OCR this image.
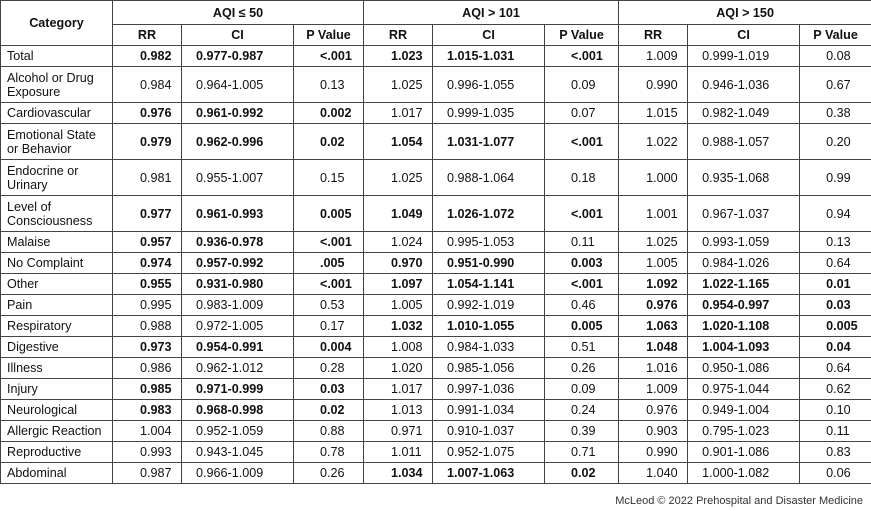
Category	AQI ≤ 50			AQI > 101			AQI > 150		
	RR	CI	P Value	RR	CI	P Value	RR	CI	P Value
Total	0.982	0.977-0.987	<.001	1.023	1.015-1.031	<.001	1.009	0.999-1.019	0.08
Alcohol or Drug Exposure	0.984	0.964-1.005	0.13	1.025	0.996-1.055	0.09	0.990	0.946-1.036	0.67
Cardiovascular	0.976	0.961-0.992	0.002	1.017	0.999-1.035	0.07	1.015	0.982-1.049	0.38
Emotional State or Behavior	0.979	0.962-0.996	0.02	1.054	1.031-1.077	<.001	1.022	0.988-1.057	0.20
Endocrine or Urinary	0.981	0.955-1.007	0.15	1.025	0.988-1.064	0.18	1.000	0.935-1.068	0.99
Level of Consciousness	0.977	0.961-0.993	0.005	1.049	1.026-1.072	<.001	1.001	0.967-1.037	0.94
Malaise	0.957	0.936-0.978	<.001	1.024	0.995-1.053	0.11	1.025	0.993-1.059	0.13
No Complaint	0.974	0.957-0.992	.005	0.970	0.951-0.990	0.003	1.005	0.984-1.026	0.64
Other	0.955	0.931-0.980	<.001	1.097	1.054-1.141	<.001	1.092	1.022-1.165	0.01
Pain	0.995	0.983-1.009	0.53	1.005	0.992-1.019	0.46	0.976	0.954-0.997	0.03
Respiratory	0.988	0.972-1.005	0.17	1.032	1.010-1.055	0.005	1.063	1.020-1.108	0.005
Digestive	0.973	0.954-0.991	0.004	1.008	0.984-1.033	0.51	1.048	1.004-1.093	0.04
Illness	0.986	0.962-1.012	0.28	1.020	0.985-1.056	0.26	1.016	0.950-1.086	0.64
Injury	0.985	0.971-0.999	0.03	1.017	0.997-1.036	0.09	1.009	0.975-1.044	0.62
Neurological	0.983	0.968-0.998	0.02	1.013	0.991-1.034	0.24	0.976	0.949-1.004	0.10
Allergic Reaction	1.004	0.952-1.059	0.88	0.971	0.910-1.037	0.39	0.903	0.795-1.023	0.11
Reproductive	0.993	0.943-1.045	0.78	1.011	0.952-1.075	0.71	0.990	0.901-1.086	0.83
Abdominal	0.987	0.966-1.009	0.26	1.034	1.007-1.063	0.02	1.040	1.000-1.082	0.06
McLeod © 2022 Prehospital and Disaster Medicine
